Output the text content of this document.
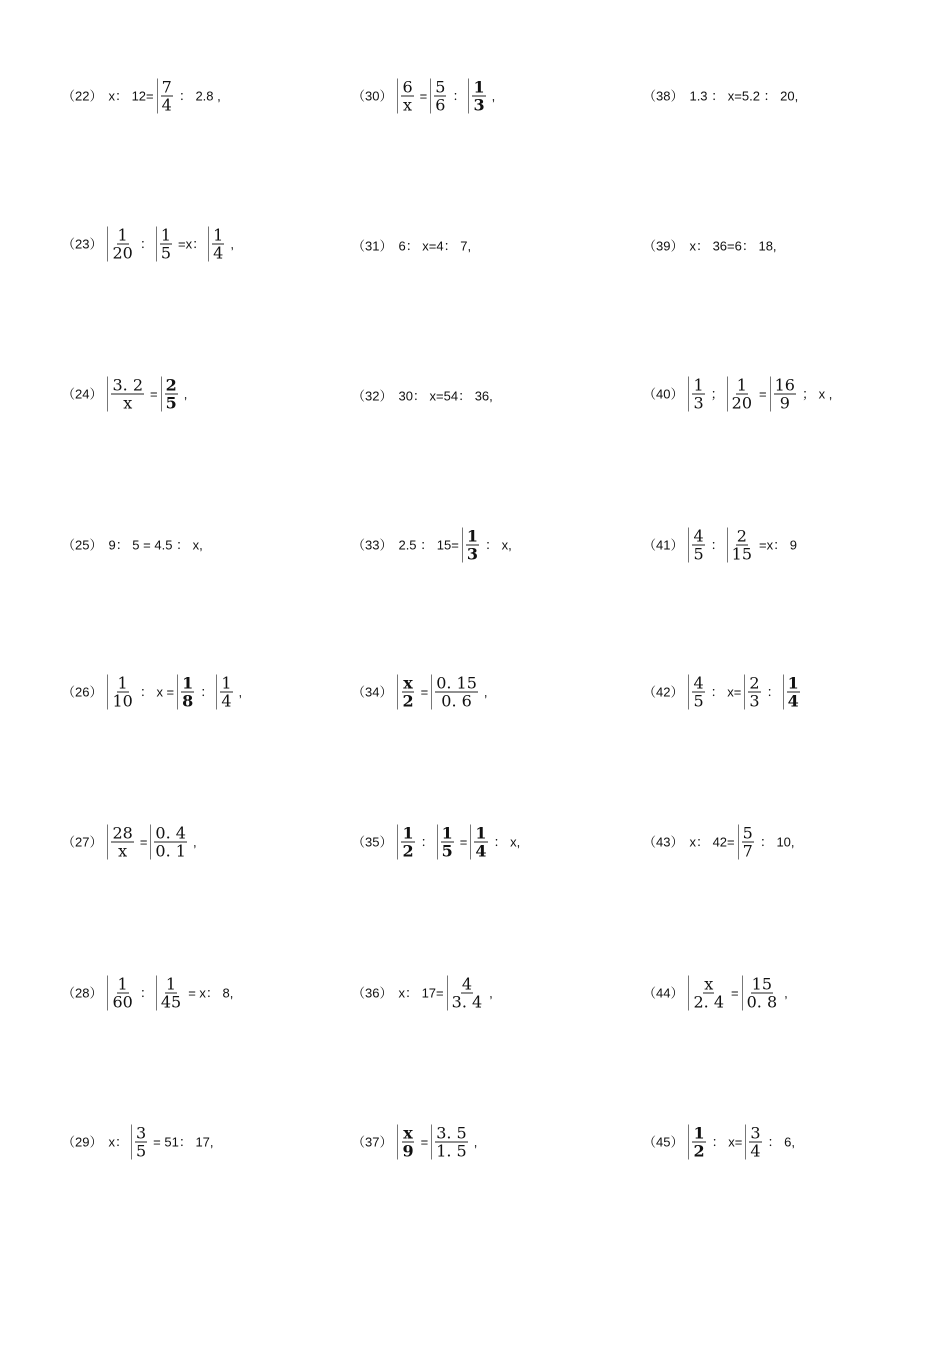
（22） x： $12= \frac{7}{4}$ ： 2.8 ,
$(23) \frac{1}{20}$ ： $\frac{1}{5} =x$： $\frac{1}{4}$ ,
$(24) \frac{3. 2}{x} = \frac{2}{5}$ ,
（25） 9： 5 = 4.5 ： x,
$(26) \frac{1}{10}$ ： $x = \frac{1}{8}$ ： $\frac{1}{4}$ ,
$(27) \frac{28}{x} = \frac{0. 4}{0. 1}$ ,
$(28) \frac{1}{60}$ ： $\frac{1}{45} = x$： 8,
（29） x： $\frac{3}{5} = 51$： 17,
$(30) \frac{6}{x} = \frac{5}{6}$ ： $\frac{1}{3}$ ,
（31） 6： x=4： 7,
（32） 30： x=54： 36,
（33） 2.5 ： $15= \frac{1}{3}$ ： x,
$(34) \frac{x}{2} = \frac{0. 15}{0. 6}$ ,
$(35) \frac{1}{2}$ ： $\frac{1}{5} = \frac{1}{4}$ ： x,
（36） x： $17= \frac{4}{3. 4}$ ,
$(37) \frac{x}{9} = \frac{3. 5}{1. 5}$ ,
（38） 1.3 ： x=5.2 ： 20,
（39） x： 36=6： 18,
$(40) \frac{1}{3}$ ； $\frac{1}{20} = \frac{16}{9}$ ； x ,
$(41) \frac{4}{5}$ ： $\frac{2}{15} =x$： 9
$(42) \frac{4}{5}$ ： $x= \frac{2}{3}$ ： $\frac{1}{4}$
（43） x： $42= \frac{5}{7}$ ： 10,
$(44) \frac{x}{2. 4} = \frac{15}{0. 8}$ ,
$(45) \frac{1}{2}$ ： $x= \frac{3}{4}$ ： 6,
